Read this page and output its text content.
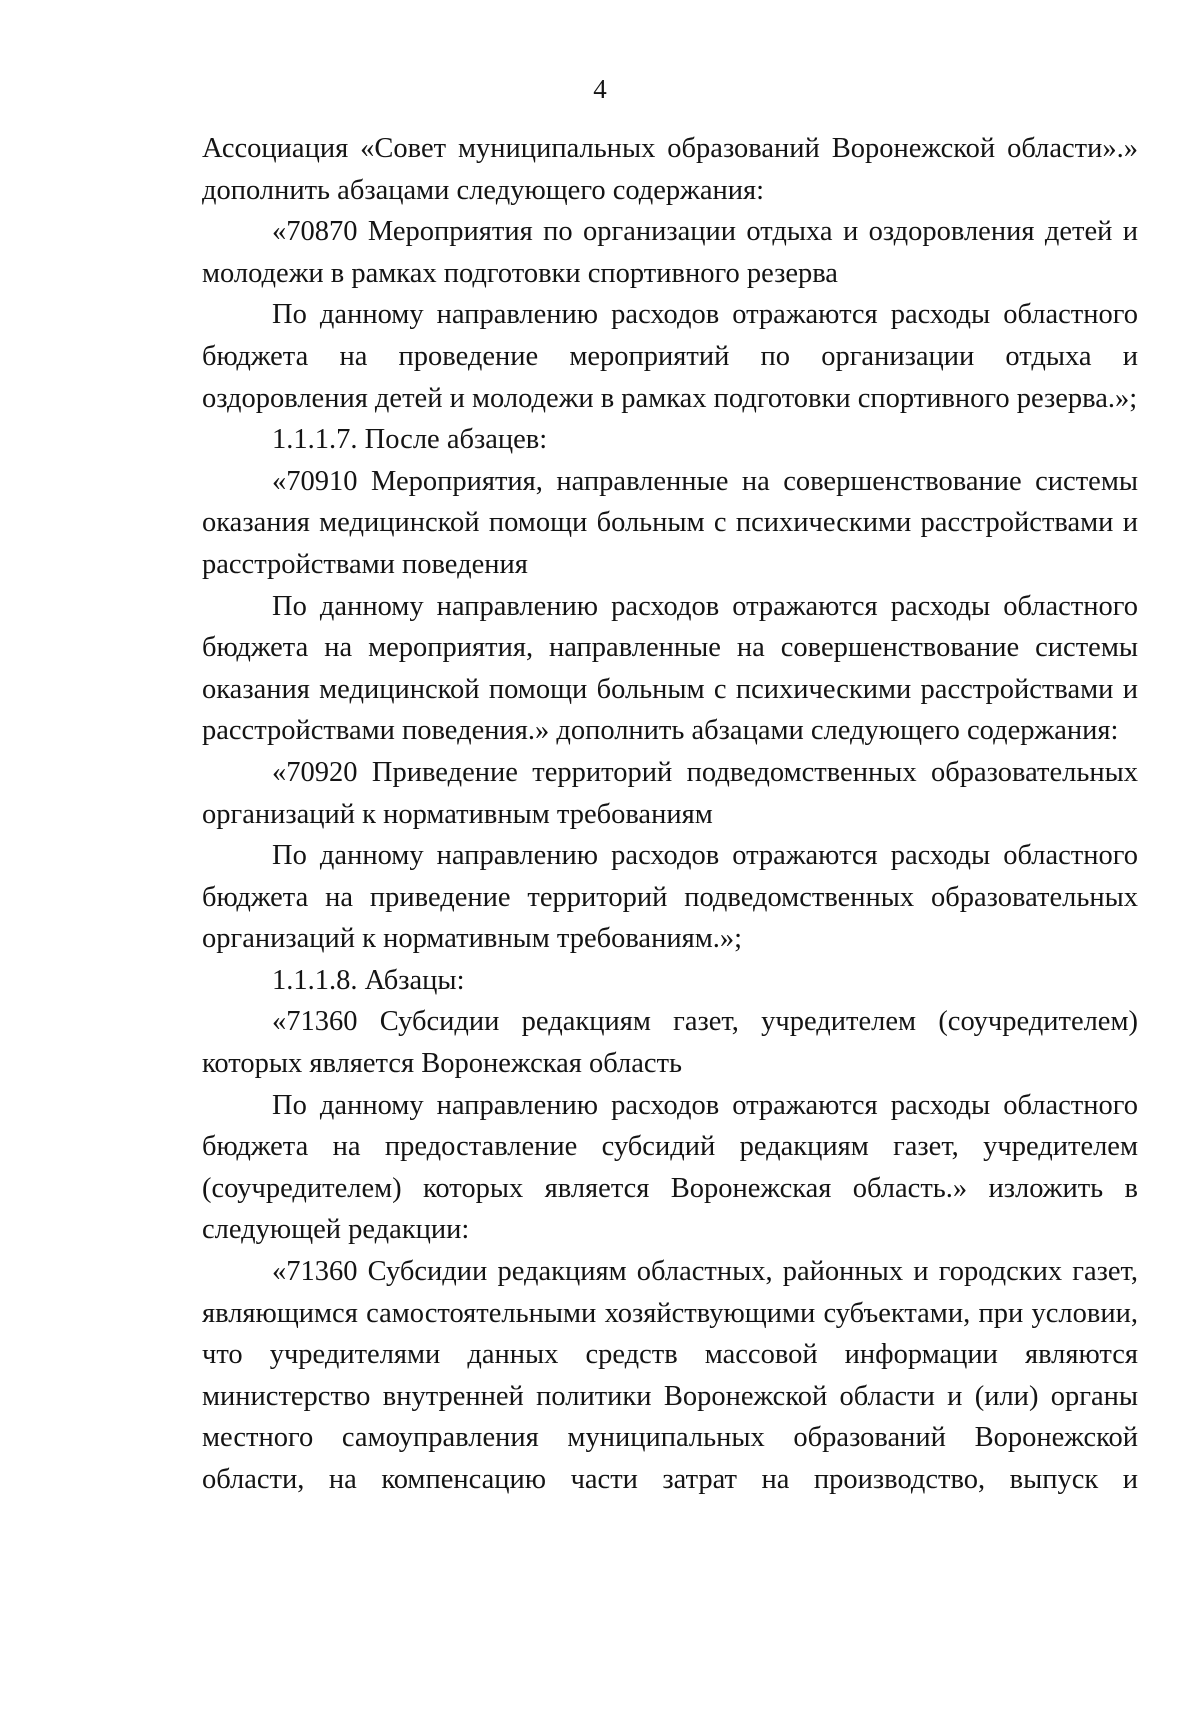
4

Ассоциация «Совет муниципальных образований Воронежской области».» дополнить абзацами следующего содержания:

«70870 Мероприятия по организации отдыха и оздоровления детей и молодежи в рамках подготовки спортивного резерва

По данному направлению расходов отражаются расходы областного бюджета на проведение мероприятий по организации отдыха и оздоровления детей и молодежи в рамках подготовки спортивного резерва.»;

1.1.1.7. После абзацев:

«70910 Мероприятия, направленные на совершенствование системы оказания медицинской помощи больным с психическими расстройствами и расстройствами поведения

По данному направлению расходов отражаются расходы областного бюджета на мероприятия, направленные на совершенствование системы оказания медицинской помощи больным с психическими расстройствами и расстройствами поведения.» дополнить абзацами следующего содержания:

«70920 Приведение территорий подведомственных образовательных организаций к нормативным требованиям

По данному направлению расходов отражаются расходы областного бюджета на приведение территорий подведомственных образовательных организаций к нормативным требованиям.»;

1.1.1.8. Абзацы:

«71360 Субсидии редакциям газет, учредителем (соучредителем) которых является Воронежская область

По данному направлению расходов отражаются расходы областного бюджета на предоставление субсидий редакциям газет, учредителем (соучредителем) которых является Воронежская область.» изложить в следующей редакции:

«71360 Субсидии редакциям областных, районных и городских газет, являющимся самостоятельными хозяйствующими субъектами, при условии, что учредителями данных средств массовой информации являются министерство внутренней политики Воронежской области и (или) органы местного самоуправления муниципальных образований Воронежской области, на компенсацию части затрат на производство, выпуск и
